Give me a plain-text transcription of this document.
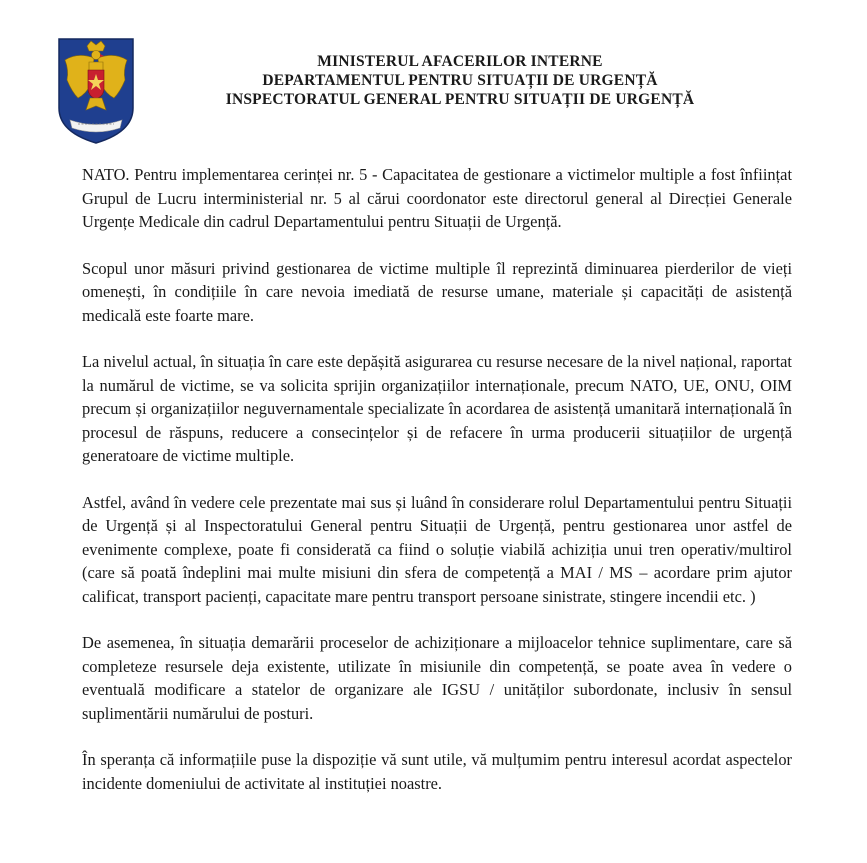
MINISTERUL AFACERILOR INTERNE
DEPARTAMENTUL PENTRU SITUAȚII DE URGENȚĂ
INSPECTORATUL GENERAL PENTRU SITUAȚII DE URGENȚĂ

NATO. Pentru implementarea cerinței nr. 5 - Capacitatea de gestionare a victimelor multiple a fost înființat Grupul de Lucru interministerial nr. 5 al cărui coordonator este directorul general al Direcției Generale Urgențe Medicale din cadrul Departamentului pentru Situații de Urgență.

Scopul unor măsuri privind gestionarea de victime multiple îl reprezintă diminuarea pierderilor de vieți omenești, în condițiile în care nevoia imediată de resurse umane, materiale și capacități de asistență medicală este foarte mare.

La nivelul actual, în situația în care este depășită asigurarea cu resurse necesare de la nivel național, raportat la numărul de victime, se va solicita sprijin organizațiilor internaționale, precum NATO, UE, ONU, OIM precum și organizațiilor neguvernamentale specializate în acordarea de asistență umanitară internațională în procesul de răspuns, reducere a consecințelor și de refacere în urma producerii situațiilor de urgență generatoare de victime multiple.

Astfel, având în vedere cele prezentate mai sus și luând în considerare rolul Departamentului pentru Situații de Urgență și al Inspectoratului General pentru Situații de Urgență, pentru gestionarea unor astfel de evenimente complexe, poate fi considerată ca fiind o soluție viabilă achiziția unui tren operativ/multirol (care să poată îndeplini mai multe misiuni din sfera de competență a MAI / MS – acordare prim ajutor calificat, transport pacienți, capacitate mare pentru transport persoane sinistrate, stingere incendii etc. )

De asemenea, în situația demarării proceselor de achiziționare a mijloacelor tehnice suplimentare, care să completeze resursele deja existente, utilizate în misiunile din competență, se poate avea în vedere o eventuală modificare a statelor de organizare ale IGSU / unităților subordonate, inclusiv în sensul suplimentării numărului de posturi.

În speranța că informațiile puse la dispoziție vă sunt utile, vă mulțumim pentru interesul acordat aspectelor incidente domeniului de activitate al instituției noastre.
